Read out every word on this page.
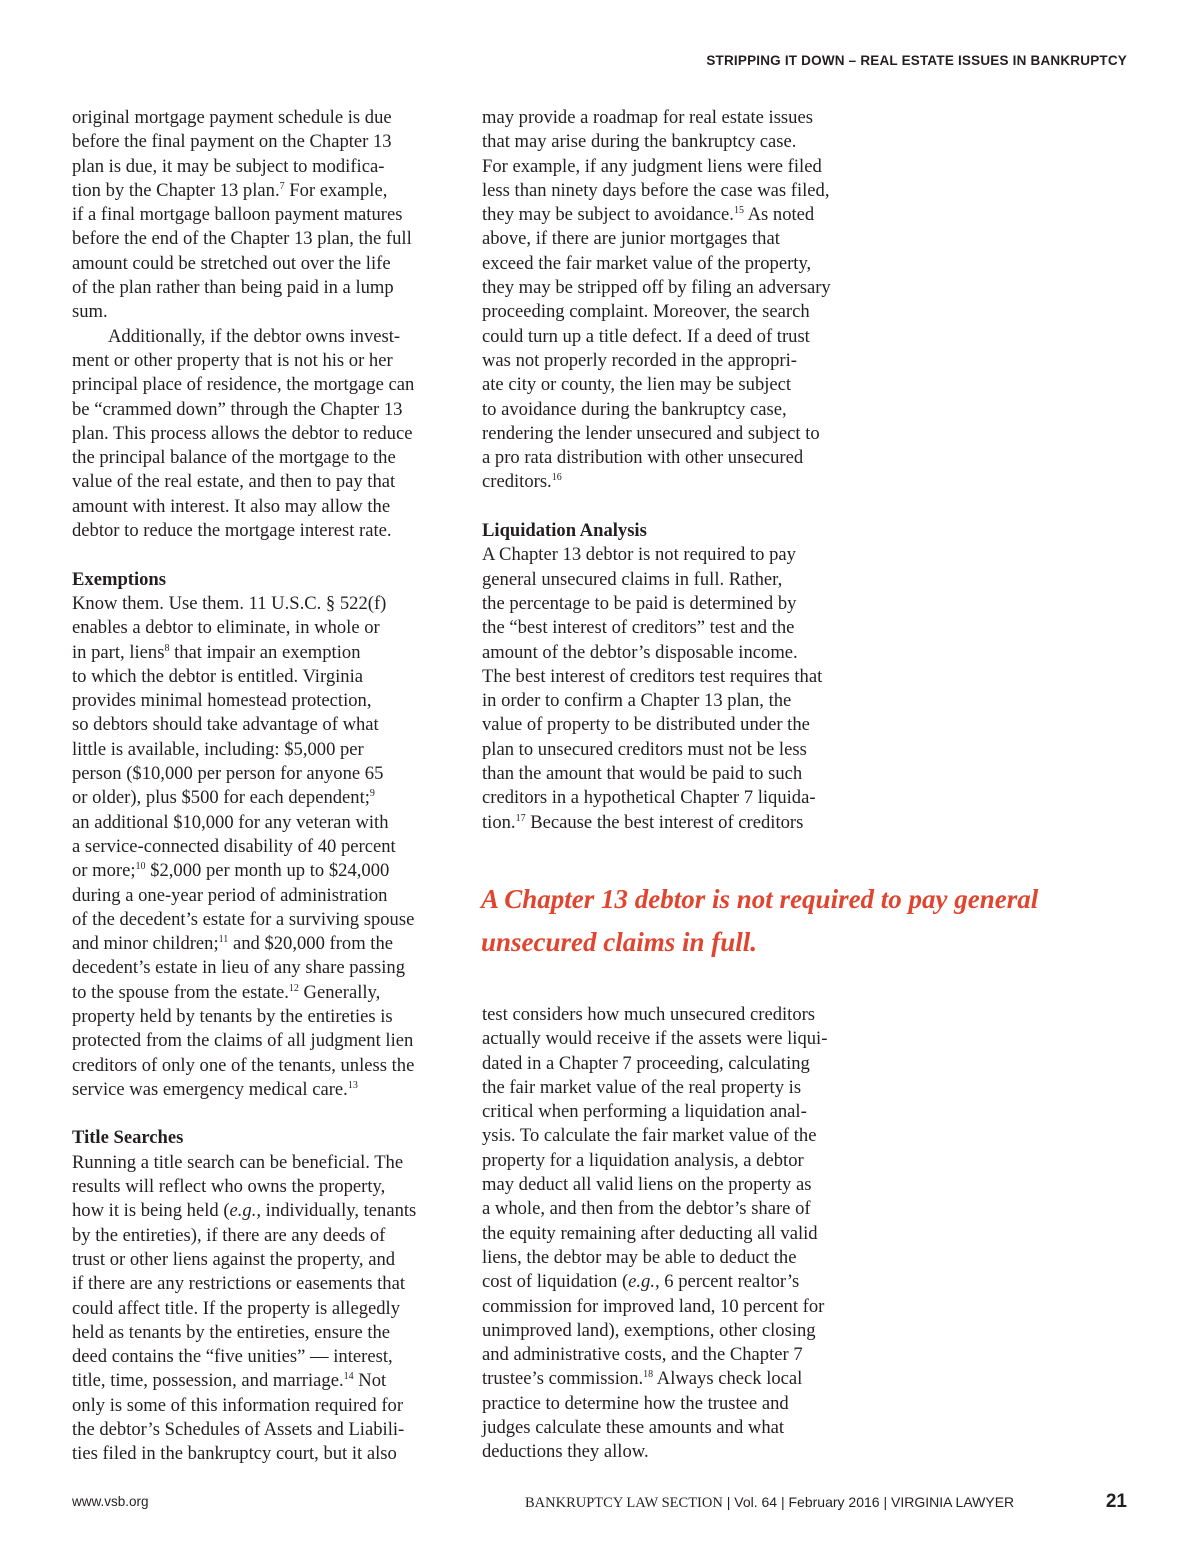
STRIPPING IT DOWN – REAL ESTATE ISSUES IN BANKRUPTCY
original mortgage payment schedule is due
before the final payment on the Chapter 13
plan is due, it may be subject to modifica-
tion by the Chapter 13 plan.$^7$ For example,
if a final mortgage balloon payment matures
before the end of the Chapter 13 plan, the full
amount could be stretched out over the life
of the plan rather than being paid in a lump
sum.
Additionally, if the debtor owns invest-
ment or other property that is not his or her
principal place of residence, the mortgage can
be “crammed down” through the Chapter 13
plan. This process allows the debtor to reduce
the principal balance of the mortgage to the
value of the real estate, and then to pay that
amount with interest. It also may allow the
debtor to reduce the mortgage interest rate.
Exemptions
Know them. Use them. 11 U.S.C. § 522(f)
enables a debtor to eliminate, in whole or
in part, liens$^8$ that impair an exemption
to which the debtor is entitled. Virginia
provides minimal homestead protection,
so debtors should take advantage of what
little is available, including: $5,000 per
person ($10,000 per person for anyone 65
or older), plus $500 for each dependent;$^9$
an additional $10,000 for any veteran with
a service-connected disability of 40 percent
or more;$^{10}$ $2,000 per month up to $24,000
during a one-year period of administration
of the decedent’s estate for a surviving spouse
and minor children;$^{11}$ and $20,000 from the
decedent’s estate in lieu of any share passing
to the spouse from the estate.$^{12}$ Generally,
property held by tenants by the entireties is
protected from the claims of all judgment lien
creditors of only one of the tenants, unless the
service was emergency medical care.$^{13}$
Title Searches
Running a title search can be beneficial. The
results will reflect who owns the property,
how it is being held (e.g., individually, tenants
by the entireties), if there are any deeds of
trust or other liens against the property, and
if there are any restrictions or easements that
could affect title. If the property is allegedly
held as tenants by the entireties, ensure the
deed contains the “five unities” — interest,
title, time, possession, and marriage.$^{14}$ Not
only is some of this information required for
the debtor’s Schedules of Assets and Liabili-
ties filed in the bankruptcy court, but it also
may provide a roadmap for real estate issues
that may arise during the bankruptcy case.
For example, if any judgment liens were filed
less than ninety days before the case was filed,
they may be subject to avoidance.$^{15}$ As noted
above, if there are junior mortgages that
exceed the fair market value of the property,
they may be stripped off by filing an adversary
proceeding complaint. Moreover, the search
could turn up a title defect. If a deed of trust
was not properly recorded in the appropri-
ate city or county, the lien may be subject
to avoidance during the bankruptcy case,
rendering the lender unsecured and subject to
a pro rata distribution with other unsecured
creditors.$^{16}$
Liquidation Analysis
A Chapter 13 debtor is not required to pay
general unsecured claims in full. Rather,
the percentage to be paid is determined by
the “best interest of creditors” test and the
amount of the debtor’s disposable income.
The best interest of creditors test requires that
in order to confirm a Chapter 13 plan, the
value of property to be distributed under the
plan to unsecured creditors must not be less
than the amount that would be paid to such
creditors in a hypothetical Chapter 7 liquida-
tion.$^{17}$ Because the best interest of creditors
A Chapter 13 debtor is not required to pay general
unsecured claims in full.
test considers how much unsecured creditors
actually would receive if the assets were liqui-
dated in a Chapter 7 proceeding, calculating
the fair market value of the real property is
critical when performing a liquidation anal-
ysis. To calculate the fair market value of the
property for a liquidation analysis, a debtor
may deduct all valid liens on the property as
a whole, and then from the debtor’s share of
the equity remaining after deducting all valid
liens, the debtor may be able to deduct the
cost of liquidation (e.g., 6 percent realtor’s
commission for improved land, 10 percent for
unimproved land), exemptions, other closing
and administrative costs, and the Chapter 7
trustee’s commission.$^{18}$ Always check local
practice to determine how the trustee and
judges calculate these amounts and what
deductions they allow.
www.vsb.org	BANKRUPTCY LAW SECTION | Vol. 64 | February 2016 | VIRGINIA LAWYER	21
